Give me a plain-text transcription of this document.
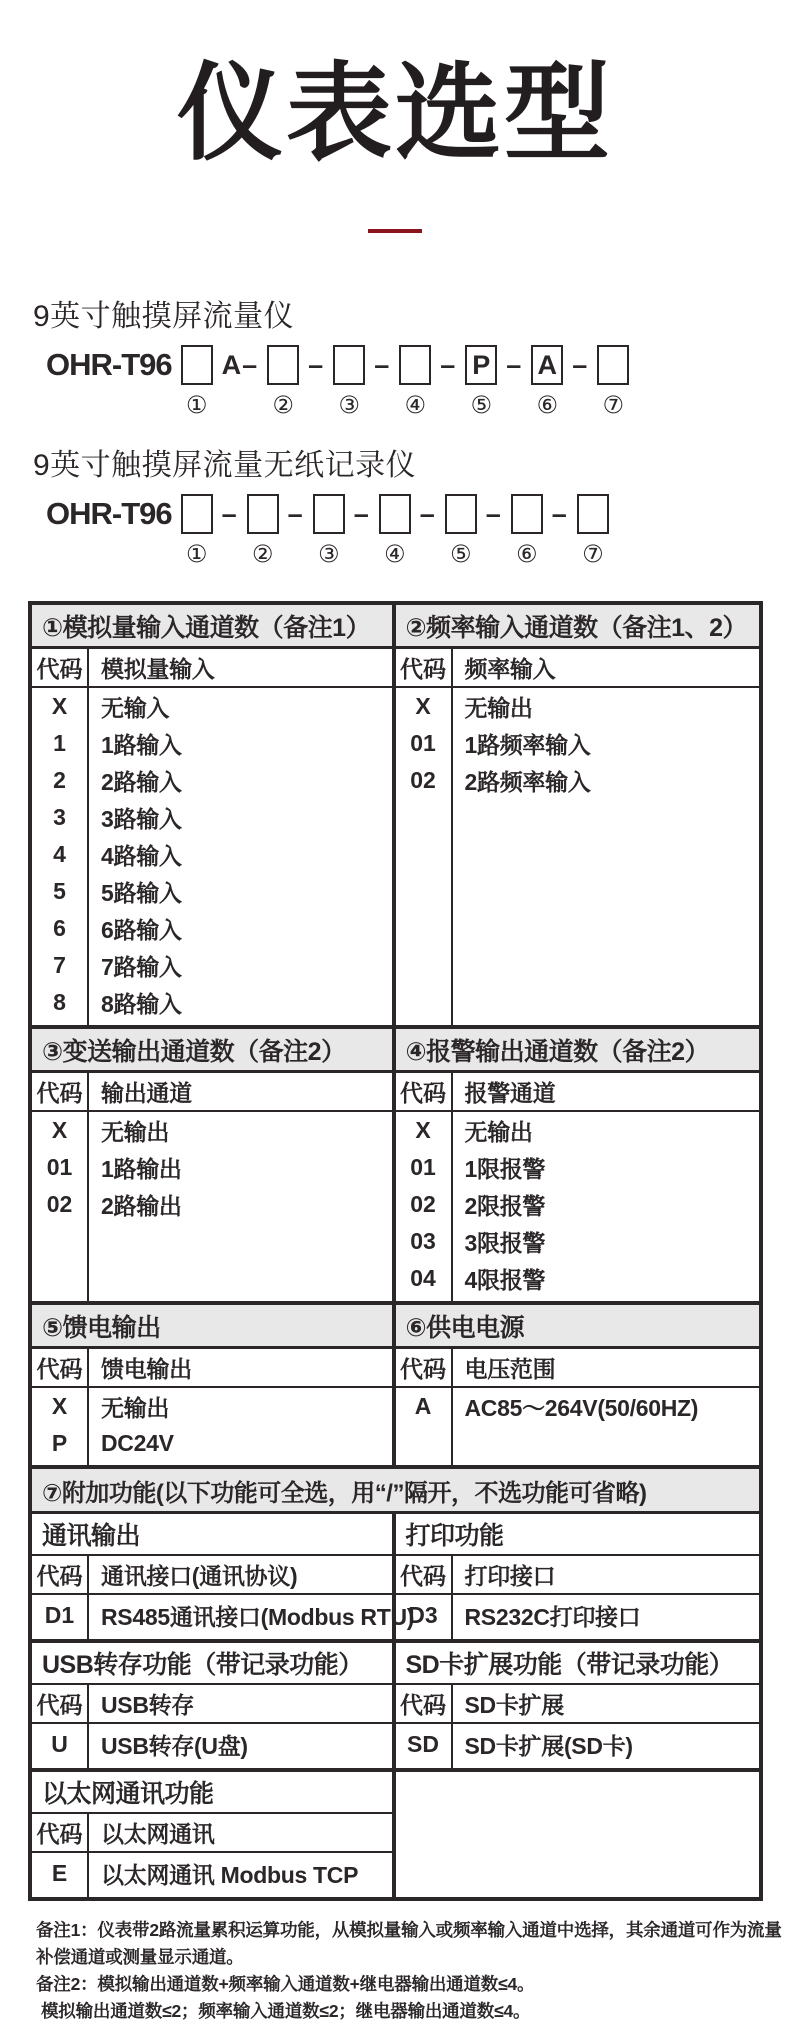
仪表选型
9英寸触摸屏流量仪
OHR-T96
①
A–
②
–
③
–
④
– P
⑤
– A
⑥
–
⑦
9英寸触摸屏流量无纸记录仪
OHR-T96
①
–
②
–
③
–
④
–
⑤
–
⑥
–
⑦
①模拟量输入通道数（备注1）
代码 模拟量输入
X	无输入
1	1路输入
2	2路输入
3	3路输入
4	4路输入
5	5路输入
6	6路输入
7	7路输入
8	8路输入
②频率输入通道数（备注1、2）
代码 频率输入
X	无输出
01	1路频率输入
02	2路频率输入
③变送输出通道数（备注2）
代码 输出通道
X	无输出
01	1路输出
02	2路输出
④报警输出通道数（备注2）
代码 报警通道
X	无输出
01	1限报警
02	2限报警
03	3限报警
04	4限报警
⑤馈电输出
代码 馈电输出
X	无输出
P	DC24V
⑥供电电源
代码 电压范围
A	AC85～264V(50/60HZ)
⑦附加功能(以下功能可全选，用“/”隔开，不选功能可省略)
通讯输出
代码 通讯接口(通讯协议)
D1	RS485通讯接口(Modbus RTU)
打印功能
代码 打印接口
D3	RS232C打印接口
USB转存功能（带记录功能）
代码 USB转存
U	USB转存(U盘)
SD卡扩展功能（带记录功能）
代码 SD卡扩展
SD	SD卡扩展(SD卡)
以太网通讯功能
代码 以太网通讯
E	以太网通讯 Modbus TCP
备注1：仪表带2路流量累积运算功能，从模拟量输入或频率输入通道中选择，其余通道可作为流量
补偿通道或测量显示通道。
备注2：模拟输出通道数+频率输入通道数+继电器输出通道数≤4。
模拟输出通道数≤2；频率输入通道数≤2；继电器输出通道数≤4。
